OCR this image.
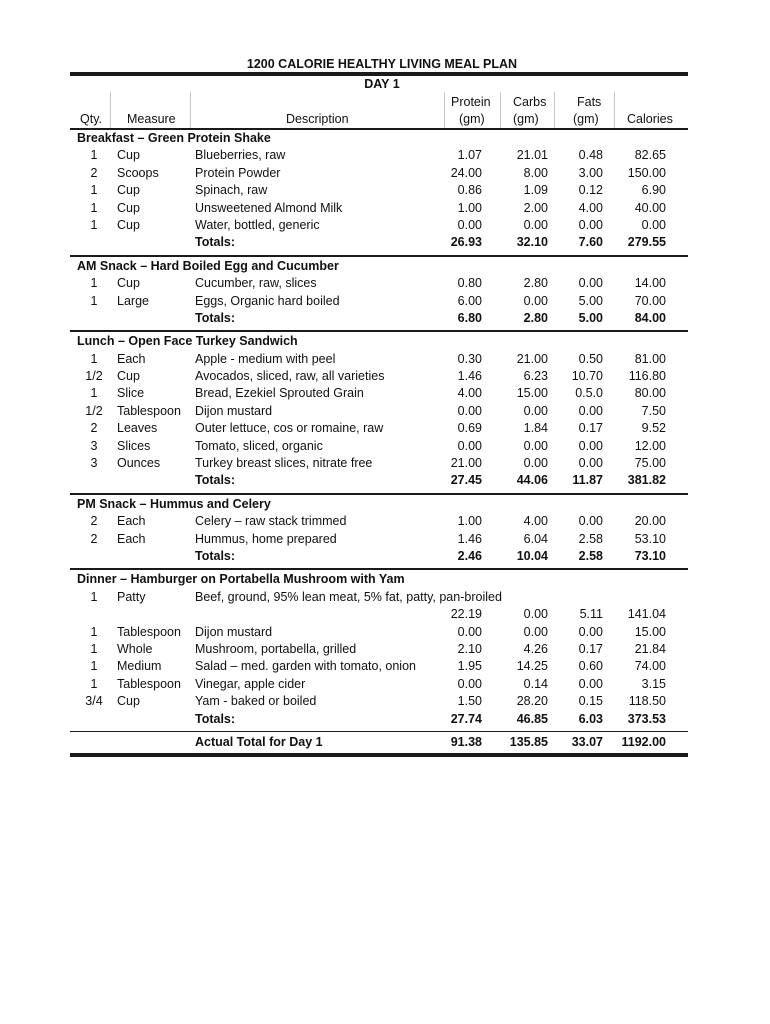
1200 CALORIE HEALTHY LIVING MEAL PLAN
DAY 1
Qty. Measure	Description
Protein
(gm)
Carbs
(gm)
Fats
(gm) Calories
Breakfast – Green Protein Shake
1	Cup	Blueberries, raw	1.07	21.01 0.48	82.65
2	Scoops	Protein Powder	24.00	8.00 3.00 150.00
1	Cup	Spinach, raw	0.86	1.09 0.12	6.90
1	Cup	Unsweetened Almond Milk	1.00	2.00 4.00	40.00
1	Cup	Water, bottled, generic	0.00	0.00 0.00	0.00
Totals:	26.93	32.10 7.60 279.55
AM Snack – Hard Boiled Egg and Cucumber
1	Cup	Cucumber, raw, slices	0.80	2.80 0.00	14.00
1	Large	Eggs, Organic hard boiled	6.00	0.00 5.00	70.00
Totals:	6.80	2.80 5.00	84.00
Lunch – Open Face Turkey Sandwich
1	Each	Apple - medium with peel	0.30	21.00 0.50	81.00
1/2 Cup	Avocados, sliced, raw, all varieties	1.46	6.23 10.70 116.80
1	Slice	Bread, Ezekiel Sprouted Grain	4.00	15.00 0.5.0	80.00
1/2 Tablespoon Dijon mustard	0.00	0.00 0.00	7.50
2	Leaves	Outer lettuce, cos or romaine, raw	0.69	1.84 0.17	9.52
3	Slices	Tomato, sliced, organic	0.00	0.00 0.00	12.00
3	Ounces	Turkey breast slices, nitrate free	21.00	0.00 0.00	75.00
Totals:	27.45	44.06 11.87 381.82
PM Snack – Hummus and Celery
2	Each	Celery – raw stack trimmed	1.00	4.00 0.00	20.00
2	Each	Hummus, home prepared	1.46	6.04 2.58	53.10
Totals:	2.46	10.04 2.58	73.10
Dinner – Hamburger on Portabella Mushroom with Yam
1	Patty	Beef, ground, 95% lean meat, 5% fat, patty, pan-broiled
22.19	0.00	5.11 141.04
1	Tablespoon Dijon mustard	0.00	0.00 0.00	15.00
1	Whole	Mushroom, portabella, grilled	2.10	4.26 0.17	21.84
1	Medium	Salad – med. garden with tomato, onion	1.95	14.25 0.60	74.00
1	Tablespoon Vinegar, apple cider	0.00	0.14 0.00	3.15
3/4 Cup	Yam - baked or boiled	1.50	28.20 0.15 118.50
Totals:	27.74	46.85 6.03 373.53
Actual Total for Day 1	91.38 135.85 33.07 1192.00
